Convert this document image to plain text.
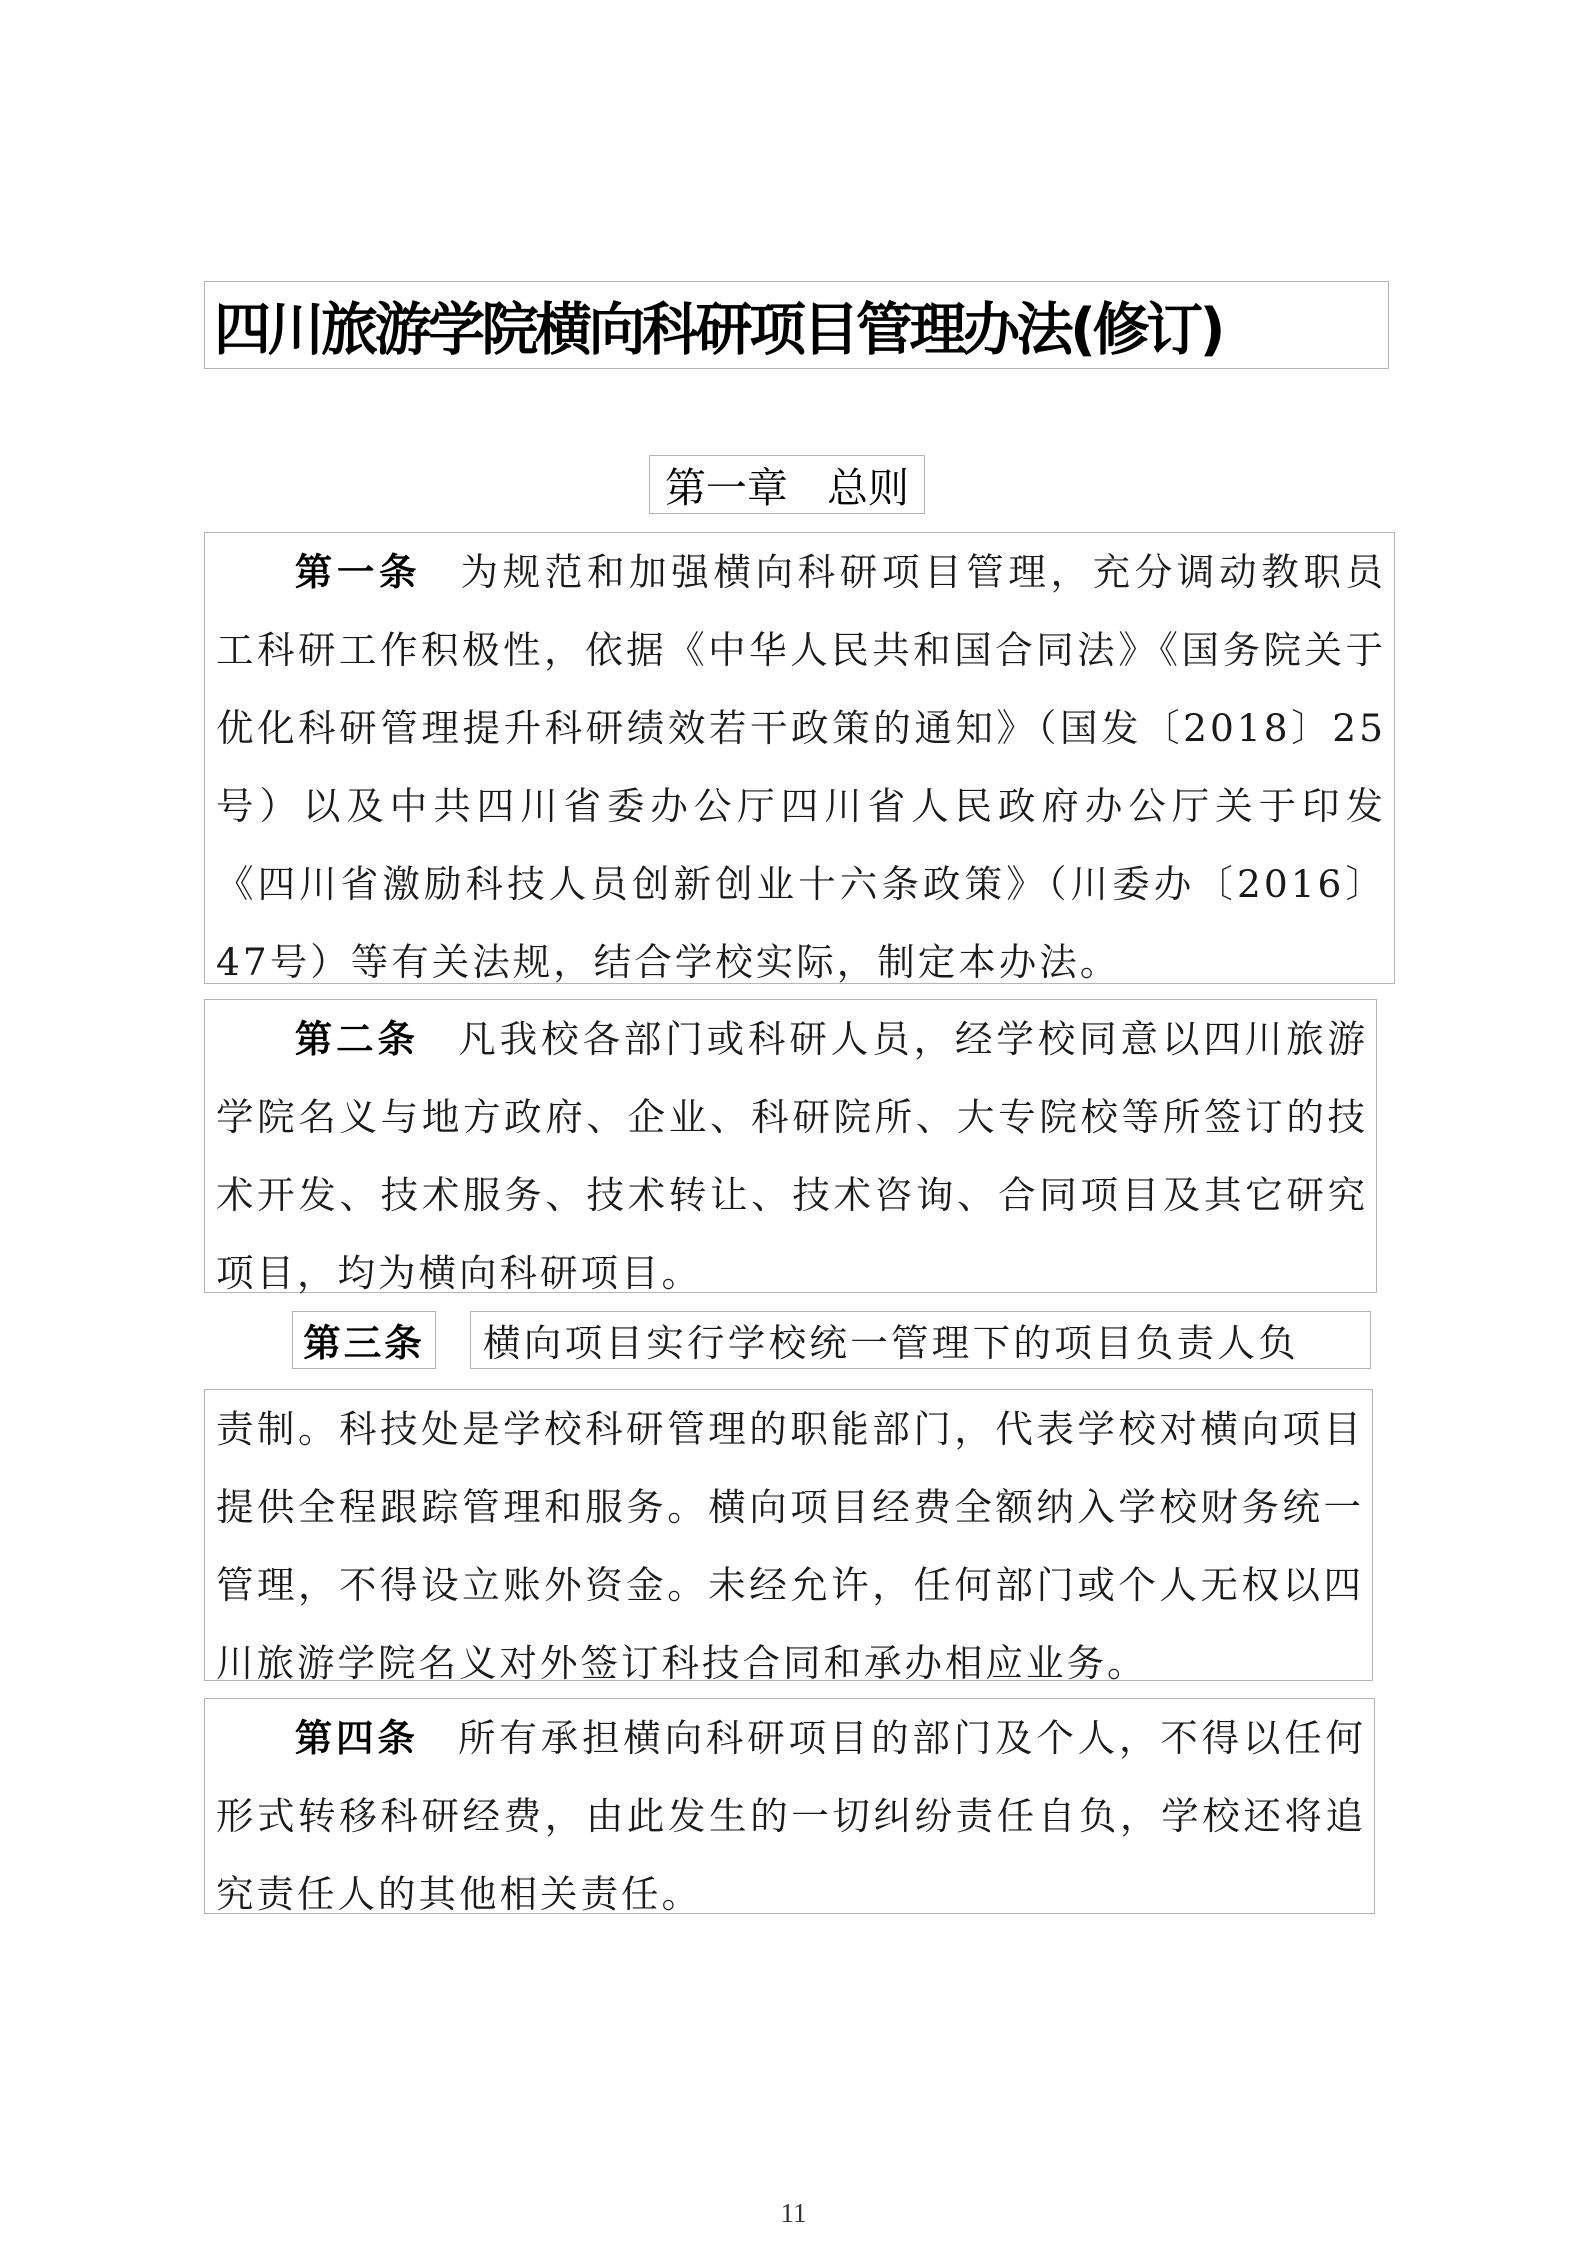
四川旅游学院横向科研项目管理办法(修订)
第一章   总则
第一条 为规范和加强横向科研项目管理，充分调动教职员工科研工作积极性，依据《中华人民共和国合同法》《国务院关于优化科研管理提升科研绩效若干政策的通知》（国发〔2018〕25号）以及中共四川省委办公厅四川省人民政府办公厅关于印发《四川省激励科技人员创新创业十六条政策》（川委办〔2016〕47号）等有关法规，结合学校实际，制定本办法。
第二条 凡我校各部门或科研人员，经学校同意以四川旅游学院名义与地方政府、企业、科研院所、大专院校等所签订的技术开发、技术服务、技术转让、技术咨询、合同项目及其它研究项目，均为横向科研项目。
第三条 横向项目实行学校统一管理下的项目负责人负
责制。科技处是学校科研管理的职能部门，代表学校对横向项目提供全程跟踪管理和服务。横向项目经费全额纳入学校财务统一管理，不得设立账外资金。未经允许，任何部门或个人无权以四川旅游学院名义对外签订科技合同和承办相应业务。
第四条 所有承担横向科研项目的部门及个人，不得以任何形式转移科研经费，由此发生的一切纠纷责任自负，学校还将追究责任人的其他相关责任。
11
